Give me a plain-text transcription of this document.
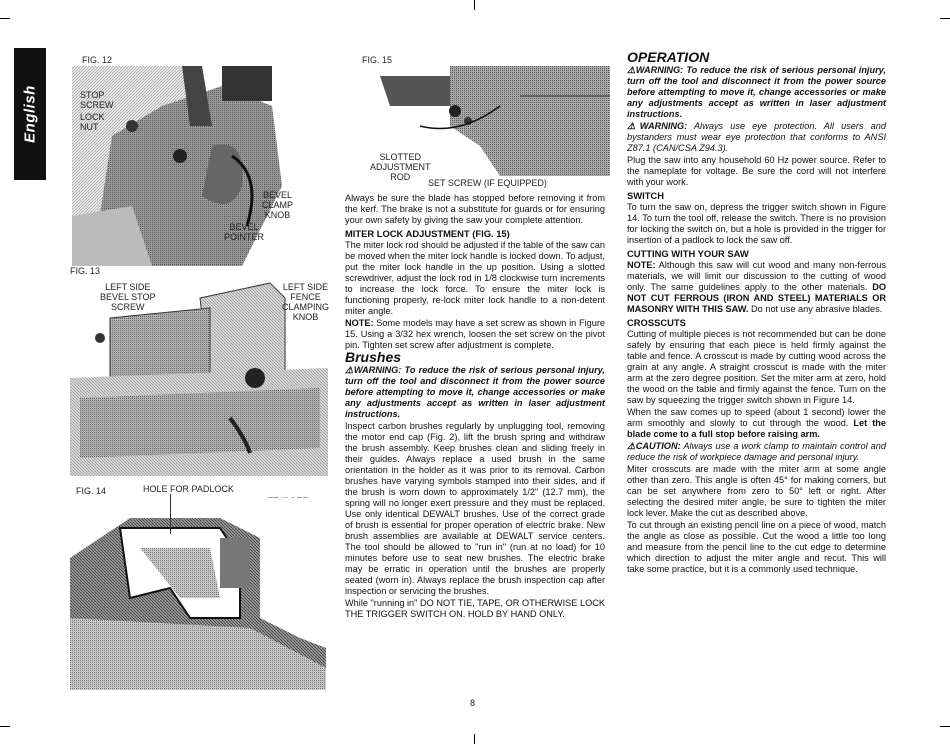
English
FIG. 12
STOP
SCREW
LOCK
NUT
BEVEL
CLAMP
KNOB
BEVEL
POINTER
FIG. 13
LEFT SIDE
BEVEL STOP
SCREW
LEFT SIDE
FENCE
CLAMPING
KNOB
FIG. 14	HOLE FOR PADLOCK
FIG. 15
SLOTTED
ADJUSTMENT
ROD
SET SCREW (IF EQUIPPED)

Always be sure the blade has stopped before removing it from the kerf. The brake is not a substitute for guards or for ensuring your own safety by giving the saw your complete attention.

MITER LOCK ADJUSTMENT (FIG. 15)

The miter lock rod should be adjusted if the table of the saw can be moved when the miter lock handle is locked down. To adjust, put the miter lock handle in the up position. Using a slotted screwdriver, adjust the lock rod in 1/8 clockwise turn increments to increase the lock force. To ensure the miter lock is functioning properly, re-lock miter lock handle to a non-detent miter angle.

NOTE: Some models may have a set screw as shown in Figure 15. Using a 3/32 hex wrench, loosen the set screw on the pivot pin. Tighten set screw after adjustment is complete.

Brushes

⚠WARNING: To reduce the risk of serious personal injury, turn off the tool and disconnect it from the power source before attempting to move it, change accessories or make any adjustments accept as written in laser adjustment instructions.

Inspect carbon brushes regularly by unplugging tool, removing the motor end cap (Fig. 2), lift the brush spring and withdraw the brush assembly. Keep brushes clean and sliding freely in their guides. Always replace a used brush in the same orientation in the holder as it was prior to its removal. Carbon brushes have varying symbols stamped into their sides, and if the brush is worn down to approximately 1/2" (12.7 mm), the spring will no longer exert pressure and they must be replaced. Use only identical DEWALT brushes. Use of the correct grade of brush is essential for proper operation of electric brake. New brush assemblies are available at DEWALT service centers. The tool should be allowed to "run in" (run at no load) for 10 minutes before use to seat new brushes. The electric brake may be erratic in operation until the brushes are properly seated (worn in). Always replace the brush inspection cap after inspection or servicing the brushes.

While "running in" DO NOT TIE, TAPE, OR OTHERWISE LOCK THE TRIGGER SWITCH ON. HOLD BY HAND ONLY.

OPERATION

⚠WARNING: To reduce the risk of serious personal injury, turn off the tool and disconnect it from the power source before attempting to move it, change accessories or make any adjustments accept as written in laser adjustment instructions.

⚠WARNING: Always use eye protection. All users and bystanders must wear eye protection that conforms to ANSI Z87.1 (CAN/CSA Z94.3).

Plug the saw into any household 60 Hz power source. Refer to the nameplate for voltage. Be sure the cord will not interfere with your work.

SWITCH

To turn the saw on, depress the trigger switch shown in Figure 14. To turn the tool off, release the switch. There is no provision for locking the switch on, but a hole is provided in the trigger for insertion of a padlock to lock the saw off.

CUTTING WITH YOUR SAW

NOTE: Although this saw will cut wood and many non-ferrous materials, we will limit our discussion to the cutting of wood only. The same guidelines apply to the other materials. DO NOT CUT FERROUS (IRON AND STEEL) MATERIALS OR MASONRY WITH THIS SAW. Do not use any abrasive blades.

CROSSCUTS

Cutting of multiple pieces is not recommended but can be done safely by ensuring that each piece is held firmly against the table and fence. A crosscut is made by cutting wood across the grain at any angle. A straight crosscut is made with the miter arm at the zero degree position. Set the miter arm at zero, hold the wood on the table and firmly against the fence. Turn on the saw by squeezing the trigger switch shown in Figure 14.

When the saw comes up to speed (about 1 second) lower the arm smoothly and slowly to cut through the wood. Let the blade come to a full stop before raising arm.

⚠CAUTION: Always use a work clamp to maintain control and reduce the risk of workpiece damage and personal injury.

Miter crosscuts are made with the miter arm at some angle other than zero. This angle is often 45° for making corners, but can be set anywhere from zero to 50° left or right. After selecting the desired miter angle, be sure to tighten the miter lock lever. Make the cut as described above.

To cut through an existing pencil line on a piece of wood, match the angle as close as possible. Cut the wood a little too long and measure from the pencil line to the cut edge to determine which direction to adjust the miter angle and recut. This will take some practice, but it is a commonly used technique.

8
